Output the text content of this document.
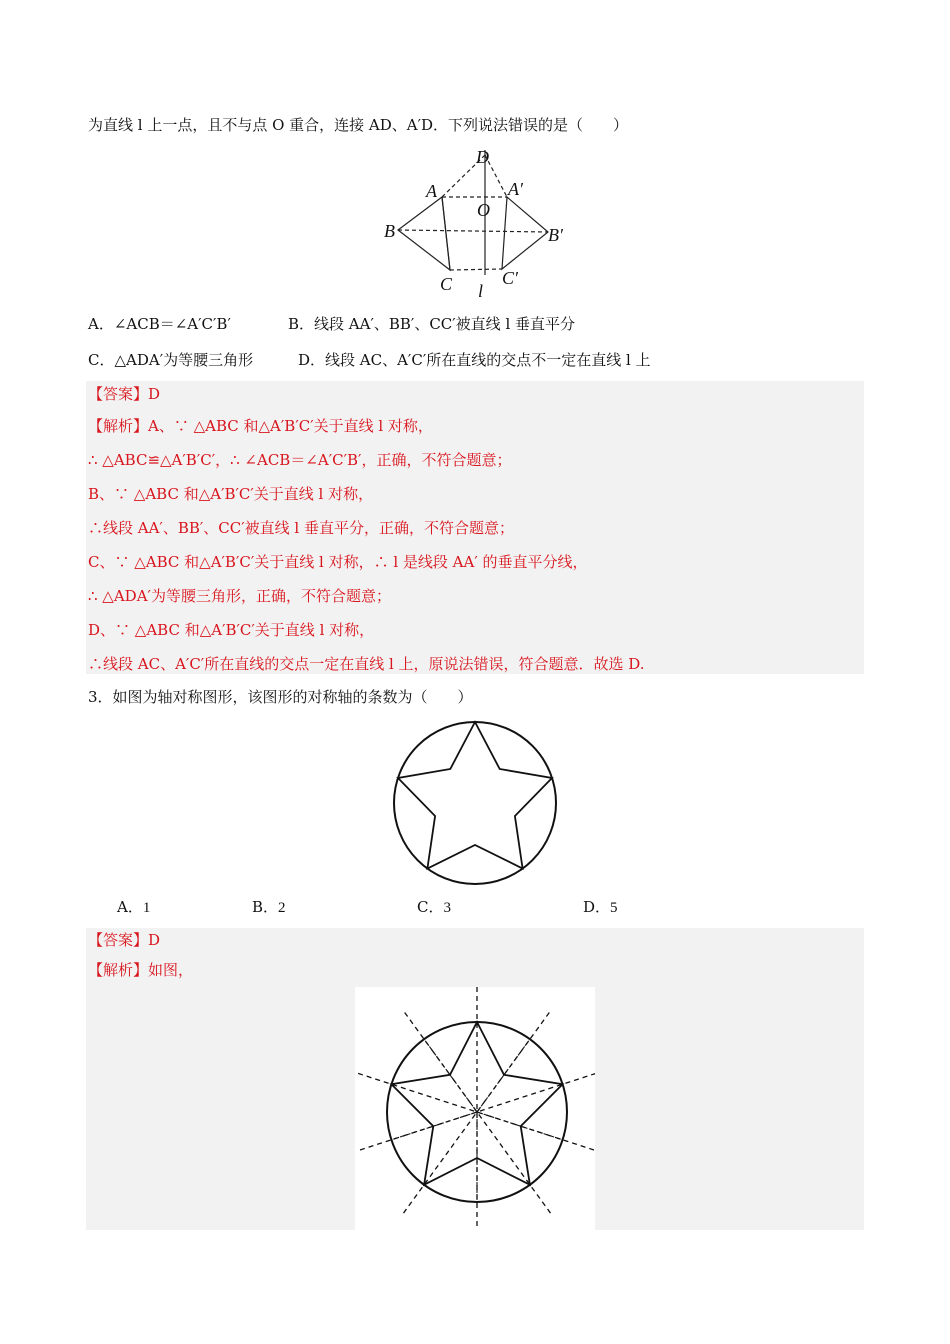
为直线 l 上一点，且不与点 O 重合，连接 AD、A′D．下列说法错误的是（　　）
D
A	A′
O
B	B′
C	C′
l
A．∠ACB＝∠A′C′B′	B．线段 AA′、BB′、CC′被直线 l 垂直平分
C．△ADA′为等腰三角形	D．线段 AC、A′C′所在直线的交点不一定在直线 l 上
【答案】D
【解析】A、∵ △ABC 和△A′B′C′关于直线 l 对称，
∴ △ABC≌△A′B′C′，∴ ∠ACB＝∠A′C′B′，正确，不符合题意；
B、∵ △ABC 和△A′B′C′关于直线 l 对称，
∴线段 AA′、BB′、CC′被直线 l 垂直平分，正确，不符合题意；
C、∵ △ABC 和△A′B′C′关于直线 l 对称，∴ l 是线段 AA′ 的垂直平分线，
∴ △ADA′为等腰三角形，正确，不符合题意；
D、∵ △ABC 和△A′B′C′关于直线 l 对称，
∴线段 AC、A′C′所在直线的交点一定在直线 l 上，原说法错误，符合题意．故选 D.
3．如图为轴对称图形，该图形的对称轴的条数为（　　）
A．1	B．2	C．3	D．5
【答案】D
【解析】如图，
